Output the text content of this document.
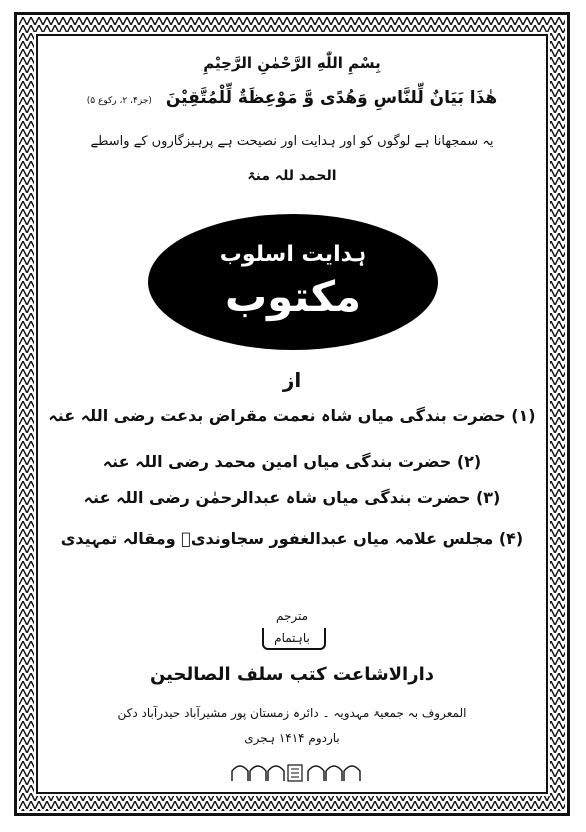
بِسْمِ اللّٰهِ الرَّحْمٰنِ الرَّحِيْمِ
هٰذَا بَيَانٌ لِّلنَّاسِ وَهُدًى وَّ مَوْعِظَةٌ لِّلْمُتَّقِيْنَ (جز۴، ۲، رکوع ۵)
یہ سمجھانا ہے لوگوں کو اور ہدایت اور نصیحت ہے پرہیزگاروں کے واسطے
الحمد للہ منۃ
ہدایت اسلوب
مکتوب
از
(۱) حضرت بندگی میاں شاہ نعمت مقراض بدعت رضی اللہ عنہ
(۲) حضرت بندگی میاں امین محمد رضی اللہ عنہ
(۳) حضرت بندگی میاں شاہ عبدالرحمٰن رضی اللہ عنہ
(۴) مجلس علامہ میاں عبدالغفور سجاوندیؒ ومقالہ تمہیدی
مترجم
باہتمام
دارالاشاعت کتب سلف الصالحین
المعروف بہ جمعیۃ مہدویہ ۔ دائرہ زمستان پور مشیرآباد حیدرآباد دکن
باردوم ۱۴۱۴ ہجری
